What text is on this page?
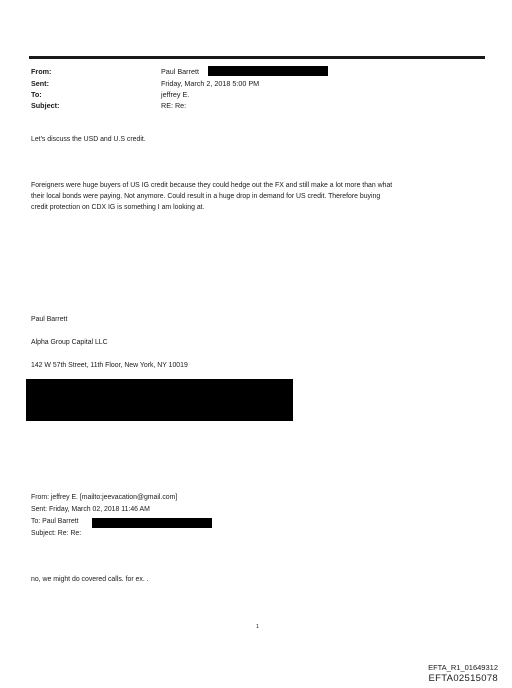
From:	Paul Barrett
Sent:	Friday, March 2, 2018 5:00 PM
To:	jeffrey E.
Subject:	RE: Re:
Let's discuss the USD and U.S credit.
Foreigners were huge buyers of US IG credit because they could hedge out the FX and still make a lot more than what
their local bonds were paying. Not anymore. Could result in a huge drop in demand for US credit. Therefore buying
credit protection on CDX IG is something I am looking at.
Paul Barrett
Alpha Group Capital LLC
142 W 57th Street, 11th Floor, New York, NY 10019
From: jeffrey E. [mailto:jeevacation@gmail.com]
Sent: Friday, March 02, 2018 11:46 AM
To: Paul Barrett
Subject: Re: Re:
no, we might do covered calls. for ex. .
1
EFTA_R1_01649312
EFTA02515078
